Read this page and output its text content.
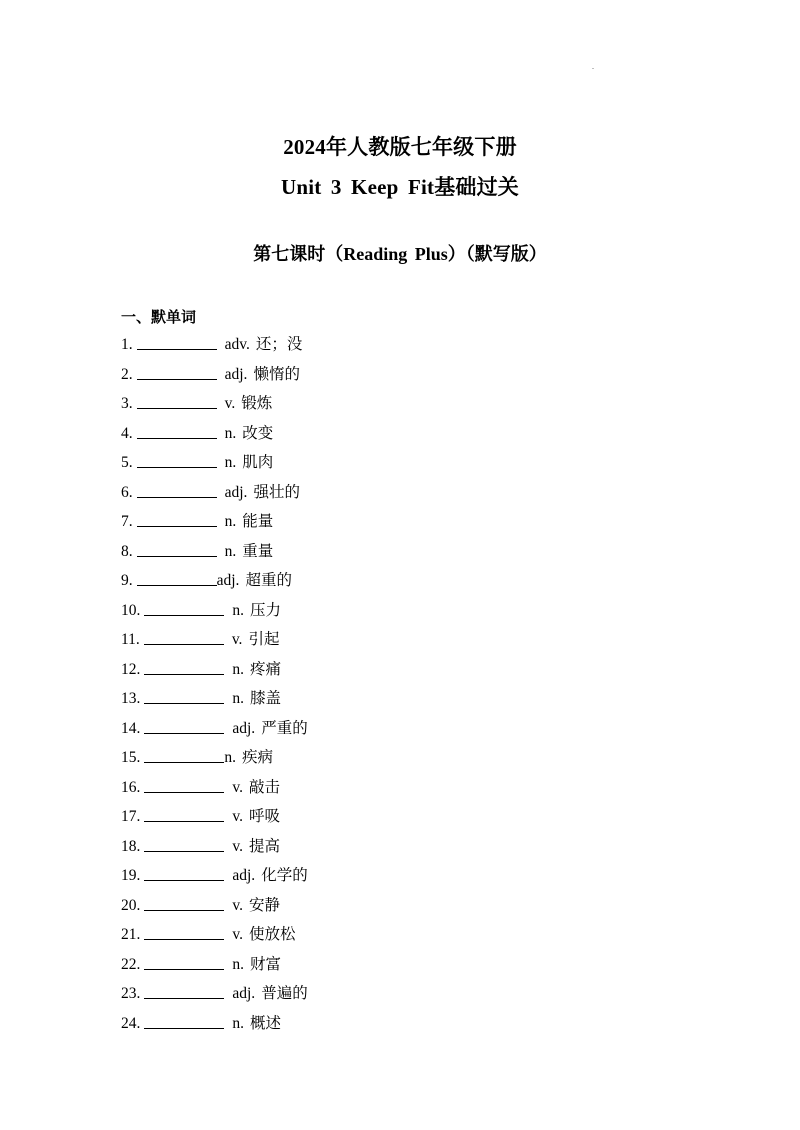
.
2024年人教版七年级下册
Unit 3 Keep Fit基础过关
第七课时（Reading Plus）（默写版）
一、默单词
1.	adv. 还；没
2.	adj. 懒惰的
3.	v. 锻炼
4.	n. 改变
5.	n. 肌肉
6.	adj. 强壮的
7.	n. 能量
8.	n. 重量
9.	adj. 超重的
10.	n. 压力
11.	v. 引起
12.	n. 疼痛
13.	n. 膝盖
14.	adj. 严重的
15.	n. 疾病
16.	v. 敲击
17.	v. 呼吸
18.	v. 提高
19.	adj. 化学的
20.	v. 安静
21.	v. 使放松
22.	n. 财富
23.	adj. 普遍的
24.	n. 概述
